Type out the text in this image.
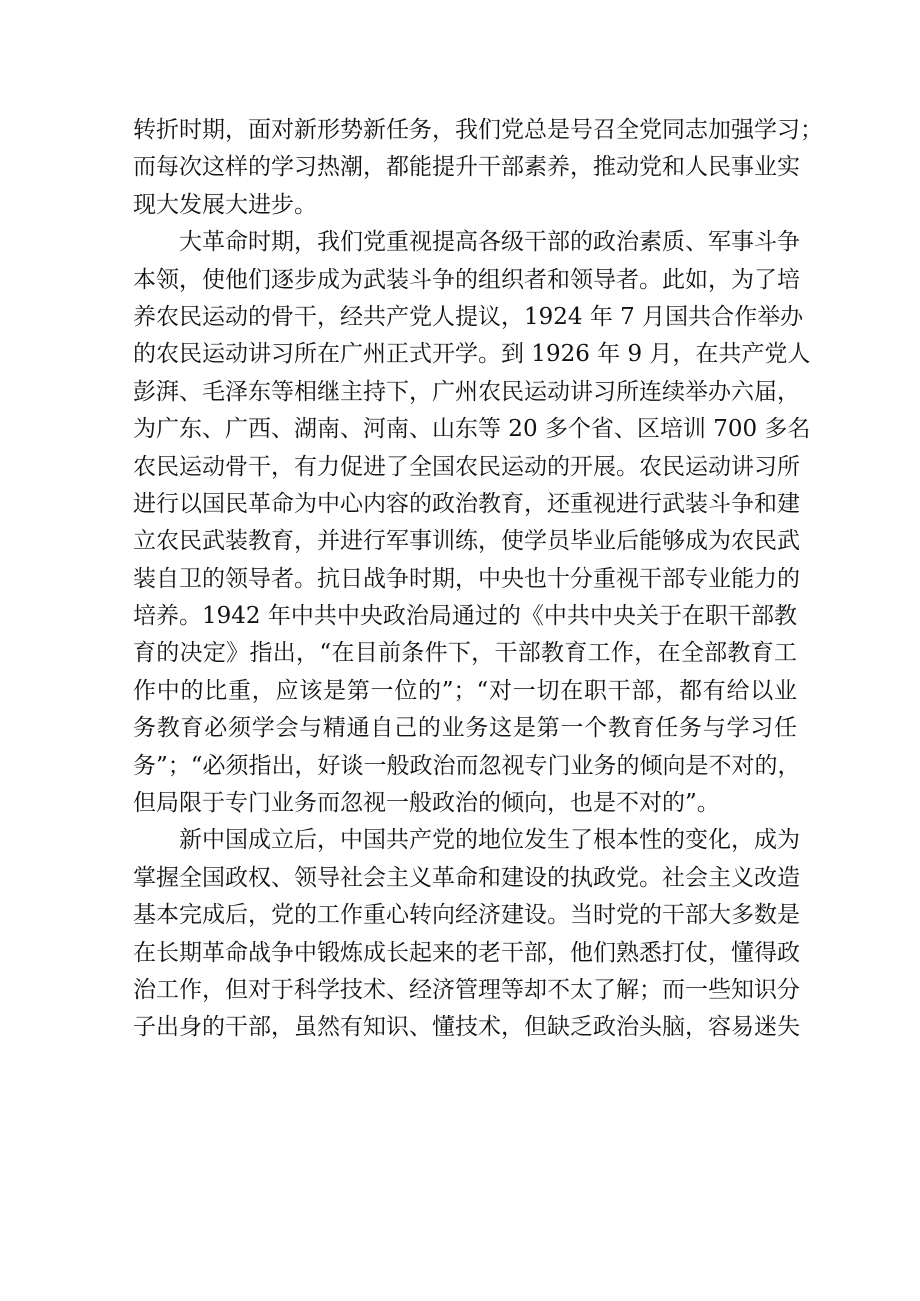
转折时期，面对新形势新任务，我们党总是号召全党同志加强学习；
而每次这样的学习热潮，都能提升干部素养，推动党和人民事业实
现大发展大进步。
大革命时期，我们党重视提高各级干部的政治素质、军事斗争
本领，使他们逐步成为武装斗争的组织者和领导者。此如，为了培
养农民运动的骨干，经共产党人提议，1924 年 7 月国共合作举办
的农民运动讲习所在广州正式开学。到 1926 年 9 月，在共产党人
彭湃、毛泽东等相继主持下，广州农民运动讲习所连续举办六届，
为广东、广西、湖南、河南、山东等 20 多个省、区培训 700 多名
农民运动骨干，有力促进了全国农民运动的开展。农民运动讲习所
进行以国民革命为中心内容的政治教育，还重视进行武装斗争和建
立农民武装教育，并进行军事训练，使学员毕业后能够成为农民武
装自卫的领导者。抗日战争时期，中央也十分重视干部专业能力的
培养。1942 年中共中央政治局通过的《中共中央关于在职干部教
育的决定》指出，“在目前条件下，干部教育工作，在全部教育工
作中的比重，应该是第一位的”；“对一切在职干部，都有给以业
务教育必须学会与精通自己的业务这是第一个教育任务与学习任
务”；“必须指出，好谈一般政治而忽视专门业务的倾向是不对的，
但局限于专门业务而忽视一般政治的倾向，也是不对的”。
新中国成立后，中国共产党的地位发生了根本性的变化，成为
掌握全国政权、领导社会主义革命和建设的执政党。社会主义改造
基本完成后，党的工作重心转向经济建设。当时党的干部大多数是
在长期革命战争中锻炼成长起来的老干部，他们熟悉打仗，懂得政
治工作，但对于科学技术、经济管理等却不太了解；而一些知识分
子出身的干部，虽然有知识、懂技术，但缺乏政治头脑，容易迷失
